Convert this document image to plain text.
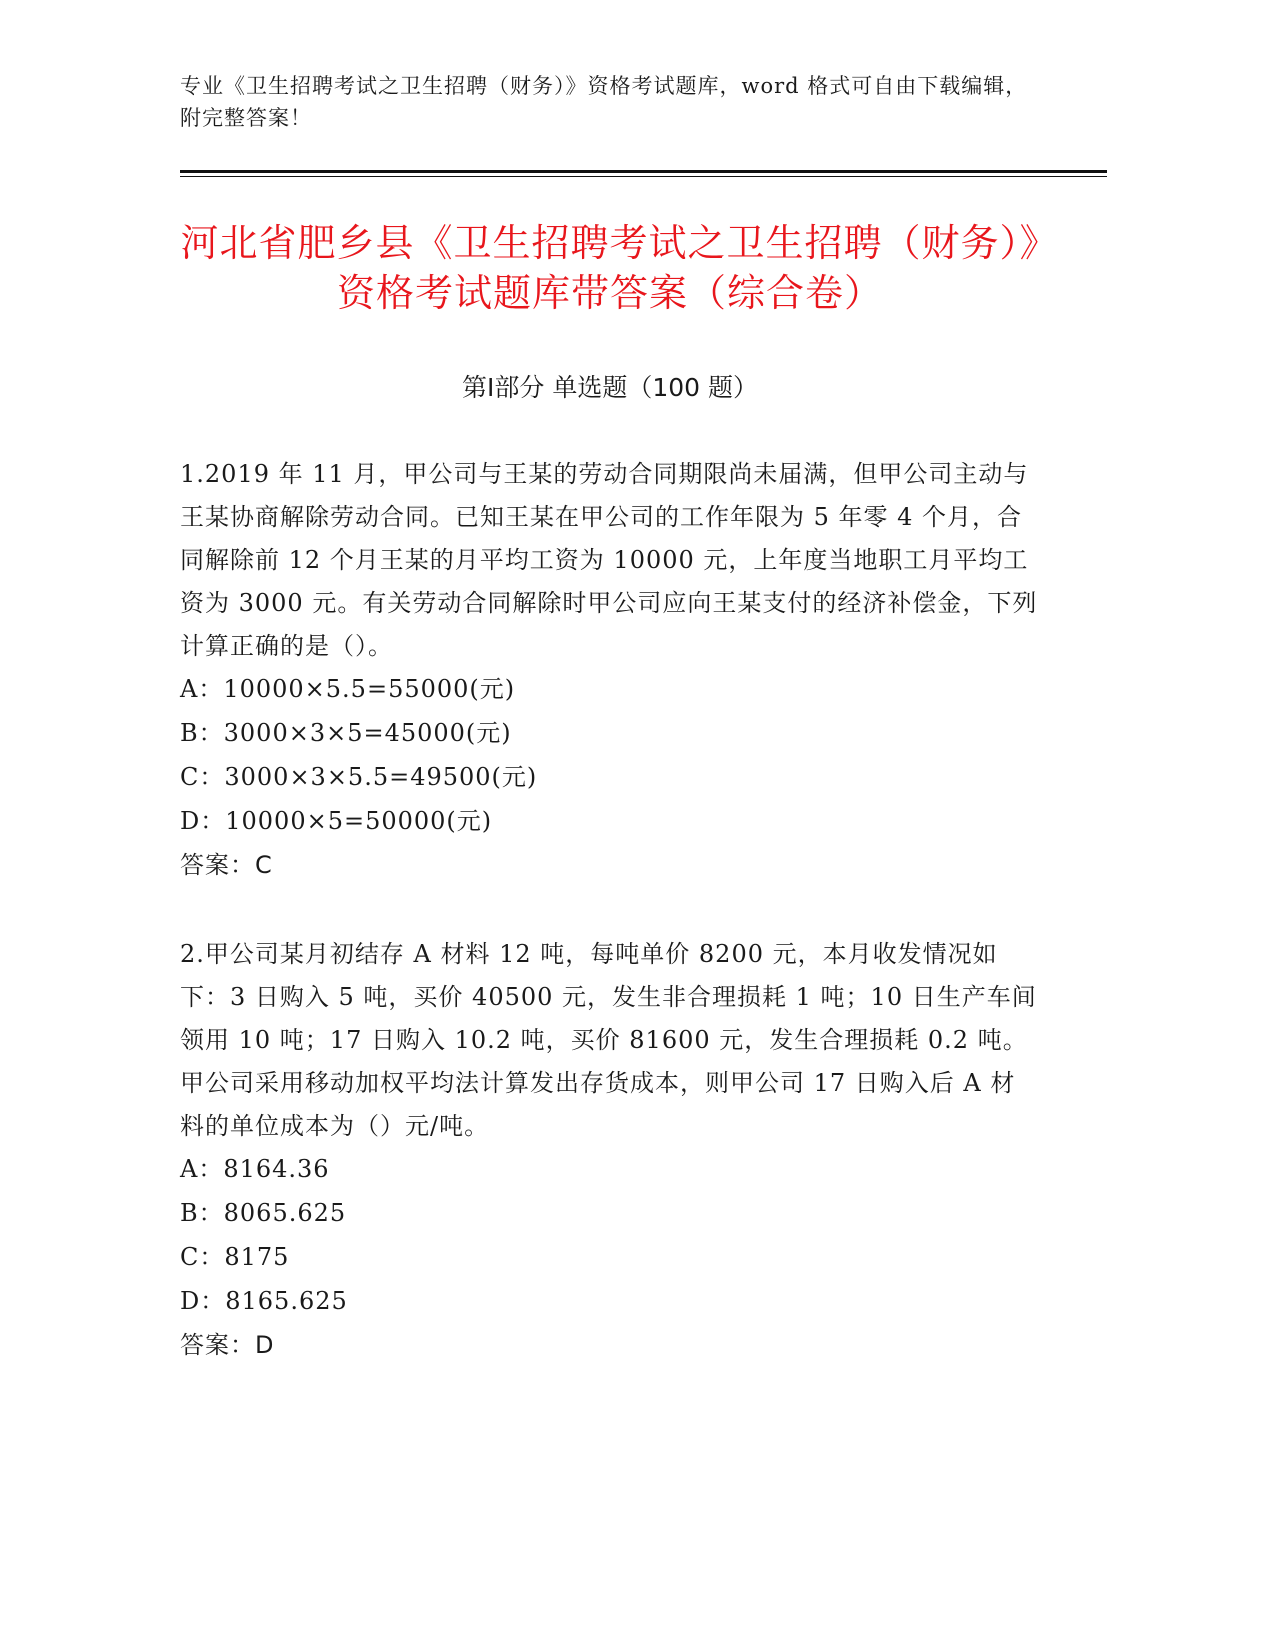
专业《卫生招聘考试之卫生招聘（财务）》资格考试题库，word 格式可自由下载编辑，附完整答案！
河北省肥乡县《卫生招聘考试之卫生招聘（财务）》资格考试题库带答案（综合卷）
第Ⅰ部分 单选题（100 题）

1.2019 年 11 月，甲公司与王某的劳动合同期限尚未届满，但甲公司主动与王某协商解除劳动合同。已知王某在甲公司的工作年限为 5 年零 4 个月，合同解除前 12 个月王某的月平均工资为 10000 元，上年度当地职工月平均工资为 3000 元。有关劳动合同解除时甲公司应向王某支付的经济补偿金，下列计算正确的是（）。

A：10000×5.5=55000(元)

B：3000×3×5=45000(元)

C：3000×3×5.5=49500(元)

D：10000×5=50000(元)

答案：C

2.甲公司某月初结存 A 材料 12 吨，每吨单价 8200 元，本月收发情况如下：3 日购入 5 吨，买价 40500 元，发生非合理损耗 1 吨；10 日生产车间领用 10 吨；17 日购入 10.2 吨，买价 81600 元，发生合理损耗 0.2 吨。甲公司采用移动加权平均法计算发出存货成本，则甲公司 17 日购入后 A 材料的单位成本为（）元/吨。

A：8164.36

B：8065.625

C：8175

D：8165.625

答案：D
